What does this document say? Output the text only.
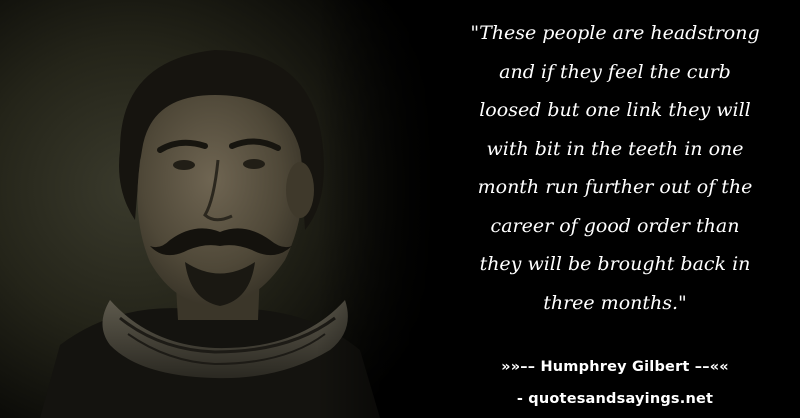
"These people are headstrong
and if they feel the curb
loosed but one link they will
with bit in the teeth in one
month run further out of the
career of good order than
they will be brought back in
three months."

»»–– Humphrey Gilbert ––««
- quotesandsayings.net
